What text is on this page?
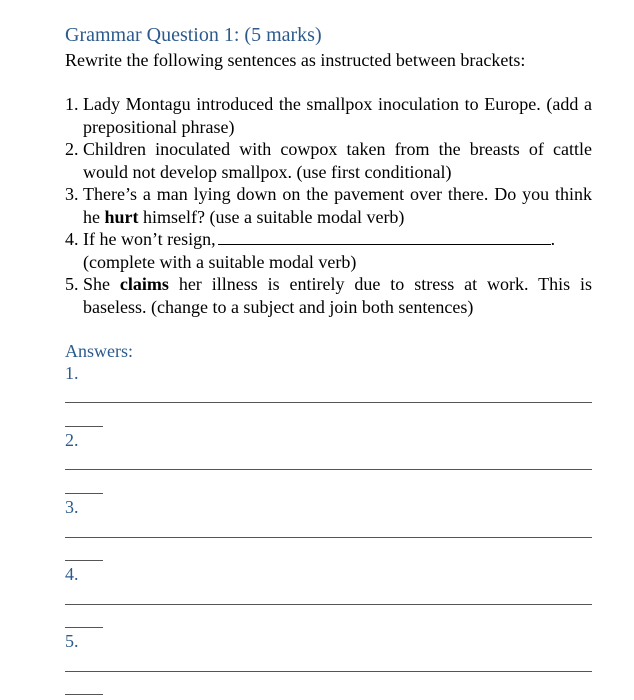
Grammar Question 1: (5 marks)
Rewrite the following sentences as instructed between brackets:
1. Lady Montagu introduced the smallpox inoculation to Europe. (add a prepositional phrase)
2. Children inoculated with cowpox taken from the breasts of cattle would not develop smallpox. (use first conditional)
3. There’s a man lying down on the pavement over there. Do you think he hurt himself? (use a suitable modal verb)
4. If he won’t resign,	.
(complete with a suitable modal verb)
5. She claims her illness is entirely due to stress at work. This is baseless. (change to a subject and join both sentences)
Answers:
1.
2.
3.
4.
5.
